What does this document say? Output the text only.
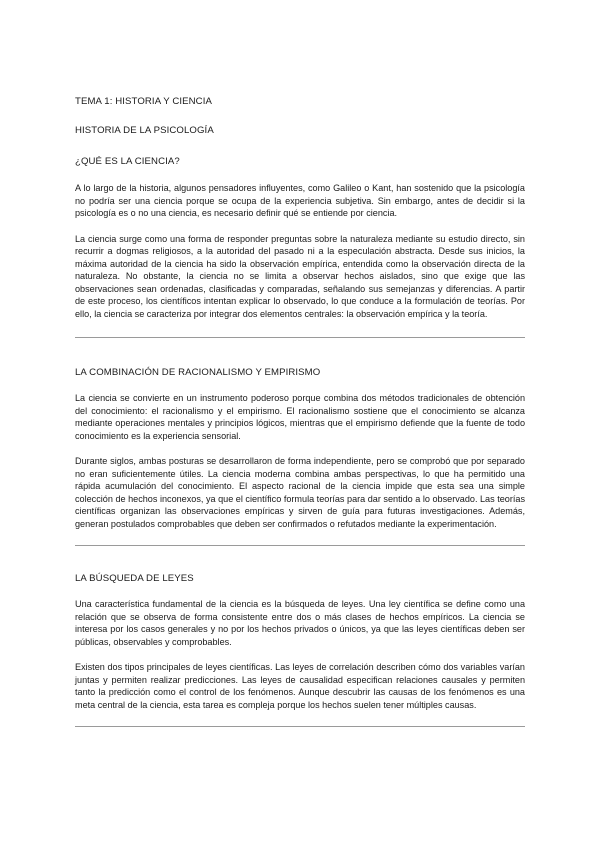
TEMA 1: HISTORIA Y CIENCIA

HISTORIA DE LA PSICOLOGÍA

¿QUÉ ES LA CIENCIA?

A lo largo de la historia, algunos pensadores influyentes, como Galileo o Kant, han sostenido que la psicología no podría ser una ciencia porque se ocupa de la experiencia subjetiva. Sin embargo, antes de decidir si la psicología es o no una ciencia, es necesario definir qué se entiende por ciencia.

La ciencia surge como una forma de responder preguntas sobre la naturaleza mediante su estudio directo, sin recurrir a dogmas religiosos, a la autoridad del pasado ni a la especulación abstracta. Desde sus inicios, la máxima autoridad de la ciencia ha sido la observación empírica, entendida como la observación directa de la naturaleza. No obstante, la ciencia no se limita a observar hechos aislados, sino que exige que las observaciones sean ordenadas, clasificadas y comparadas, señalando sus semejanzas y diferencias. A partir de este proceso, los científicos intentan explicar lo observado, lo que conduce a la formulación de teorías. Por ello, la ciencia se caracteriza por integrar dos elementos centrales: la observación empírica y la teoría.

LA COMBINACIÓN DE RACIONALISMO Y EMPIRISMO

La ciencia se convierte en un instrumento poderoso porque combina dos métodos tradicionales de obtención del conocimiento: el racionalismo y el empirismo. El racionalismo sostiene que el conocimiento se alcanza mediante operaciones mentales y principios lógicos, mientras que el empirismo defiende que la fuente de todo conocimiento es la experiencia sensorial.

Durante siglos, ambas posturas se desarrollaron de forma independiente, pero se comprobó que por separado no eran suficientemente útiles. La ciencia moderna combina ambas perspectivas, lo que ha permitido una rápida acumulación del conocimiento. El aspecto racional de la ciencia impide que esta sea una simple colección de hechos inconexos, ya que el científico formula teorías para dar sentido a lo observado. Las teorías científicas organizan las observaciones empíricas y sirven de guía para futuras investigaciones. Además, generan postulados comprobables que deben ser confirmados o refutados mediante la experimentación.

LA BÚSQUEDA DE LEYES

Una característica fundamental de la ciencia es la búsqueda de leyes. Una ley científica se define como una relación que se observa de forma consistente entre dos o más clases de hechos empíricos. La ciencia se interesa por los casos generales y no por los hechos privados o únicos, ya que las leyes científicas deben ser públicas, observables y comprobables.

Existen dos tipos principales de leyes científicas. Las leyes de correlación describen cómo dos variables varían juntas y permiten realizar predicciones. Las leyes de causalidad especifican relaciones causales y permiten tanto la predicción como el control de los fenómenos. Aunque descubrir las causas de los fenómenos es una meta central de la ciencia, esta tarea es compleja porque los hechos suelen tener múltiples causas.
